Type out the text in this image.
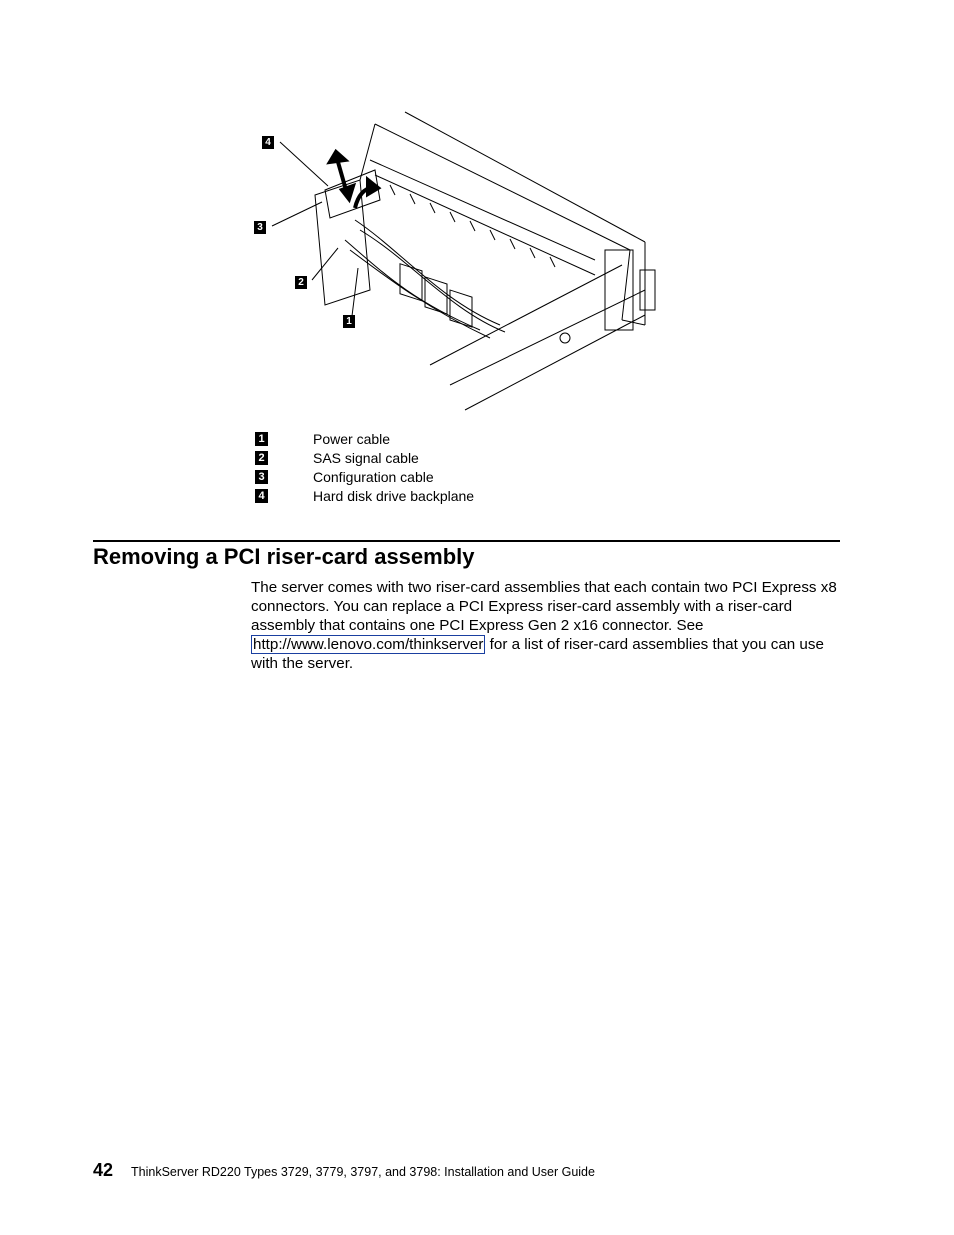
4
3
2
1
1	Power cable
2	SAS signal cable
3	Configuration cable
4	Hard disk drive backplane
Removing a PCI riser-card assembly

The server comes with two riser-card assemblies that each contain two PCI Express x8 connectors. You can replace a PCI Express riser-card assembly with a riser-card assembly that contains one PCI Express Gen 2 x16 connector. See http://www.lenovo.com/thinkserver for a list of riser-card assemblies that you can use with the server.

42 ThinkServer RD220 Types 3729, 3779, 3797, and 3798: Installation and User Guide
